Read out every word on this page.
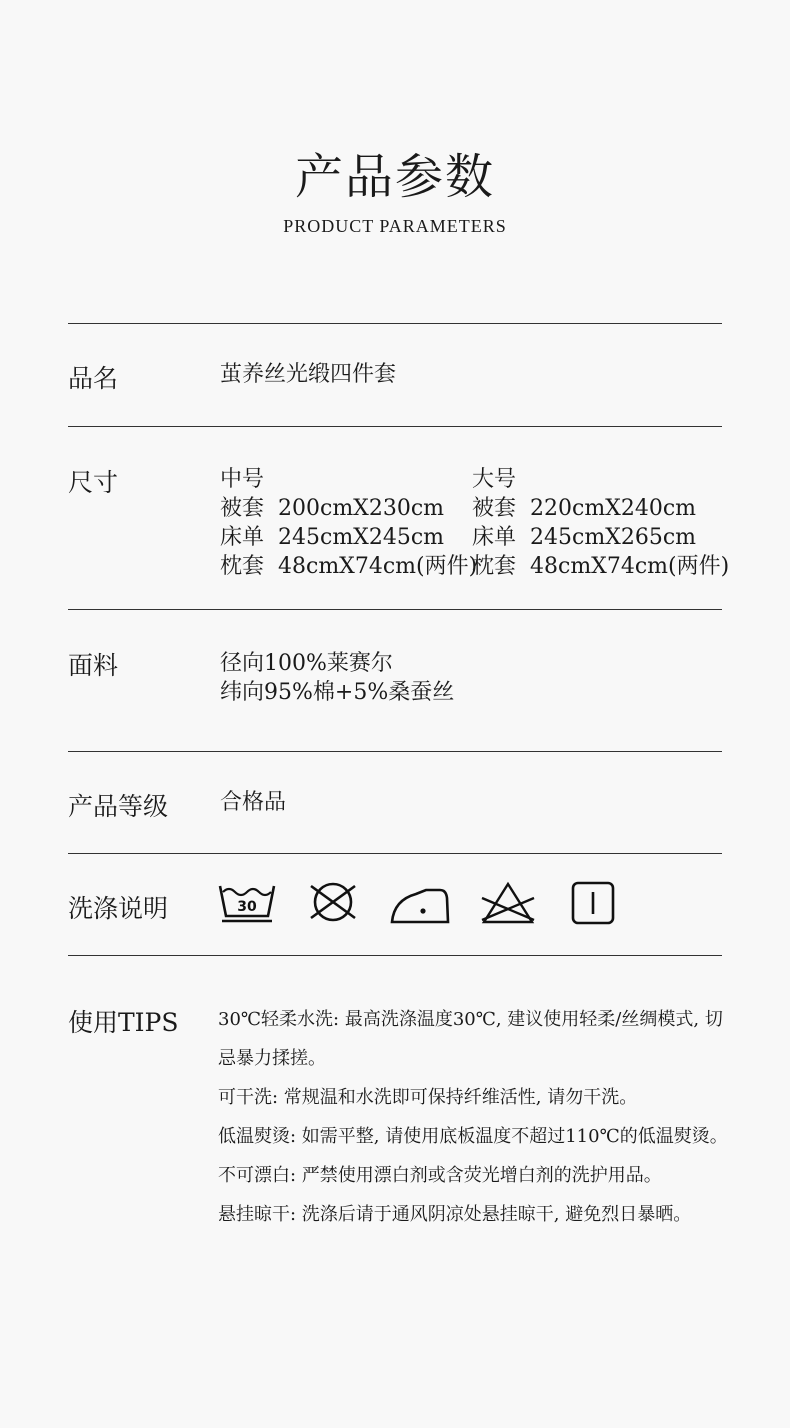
产品参数
PRODUCT PARAMETERS
品名	茧养丝光缎四件套
尺寸	中号
被套 200cmX230cm
床单 245cmX245cm
枕套 48cmX74cm(两件)
大号
被套 220cmX240cm
床单 245cmX265cm
枕套 48cmX74cm(两件)
面料	径向100%莱赛尔
纬向95%棉+5%桑蚕丝
产品等级 合格品
洗涤说明	30
使用TIPS 30℃轻柔水洗: 最高洗涤温度30℃, 建议使用轻柔/丝绸模式, 切忌暴力揉搓。
可干洗: 常规温和水洗即可保持纤维活性, 请勿干洗。
低温熨烫: 如需平整, 请使用底板温度不超过110℃的低温熨烫。
不可漂白: 严禁使用漂白剂或含荧光增白剂的洗护用品。
悬挂晾干: 洗涤后请于通风阴凉处悬挂晾干, 避免烈日暴晒。
